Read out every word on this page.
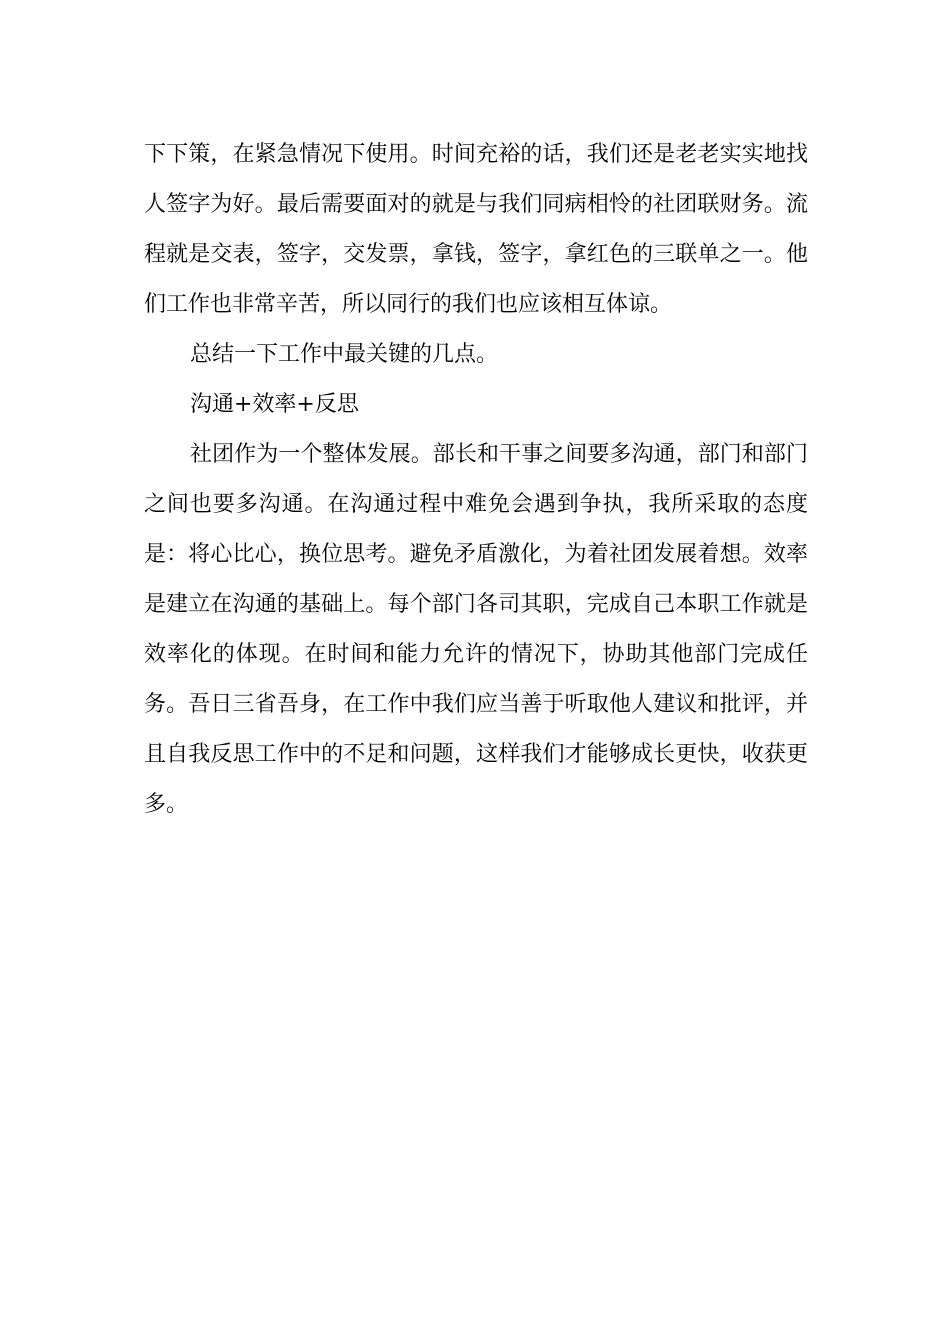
下下策，在紧急情况下使用。时间充裕的话，我们还是老老实实地找人签字为好。最后需要面对的就是与我们同病相怜的社团联财务。流程就是交表，签字，交发票，拿钱，签字，拿红色的三联单之一。他们工作也非常辛苦，所以同行的我们也应该相互体谅。

总结一下工作中最关键的几点。

沟通+效率+反思

社团作为一个整体发展。部长和干事之间要多沟通，部门和部门之间也要多沟通。在沟通过程中难免会遇到争执，我所采取的态度是：将心比心，换位思考。避免矛盾激化，为着社团发展着想。效率是建立在沟通的基础上。每个部门各司其职，完成自己本职工作就是效率化的体现。在时间和能力允许的情况下，协助其他部门完成任务。吾日三省吾身，在工作中我们应当善于听取他人建议和批评，并且自我反思工作中的不足和问题，这样我们才能够成长更快，收获更多。
